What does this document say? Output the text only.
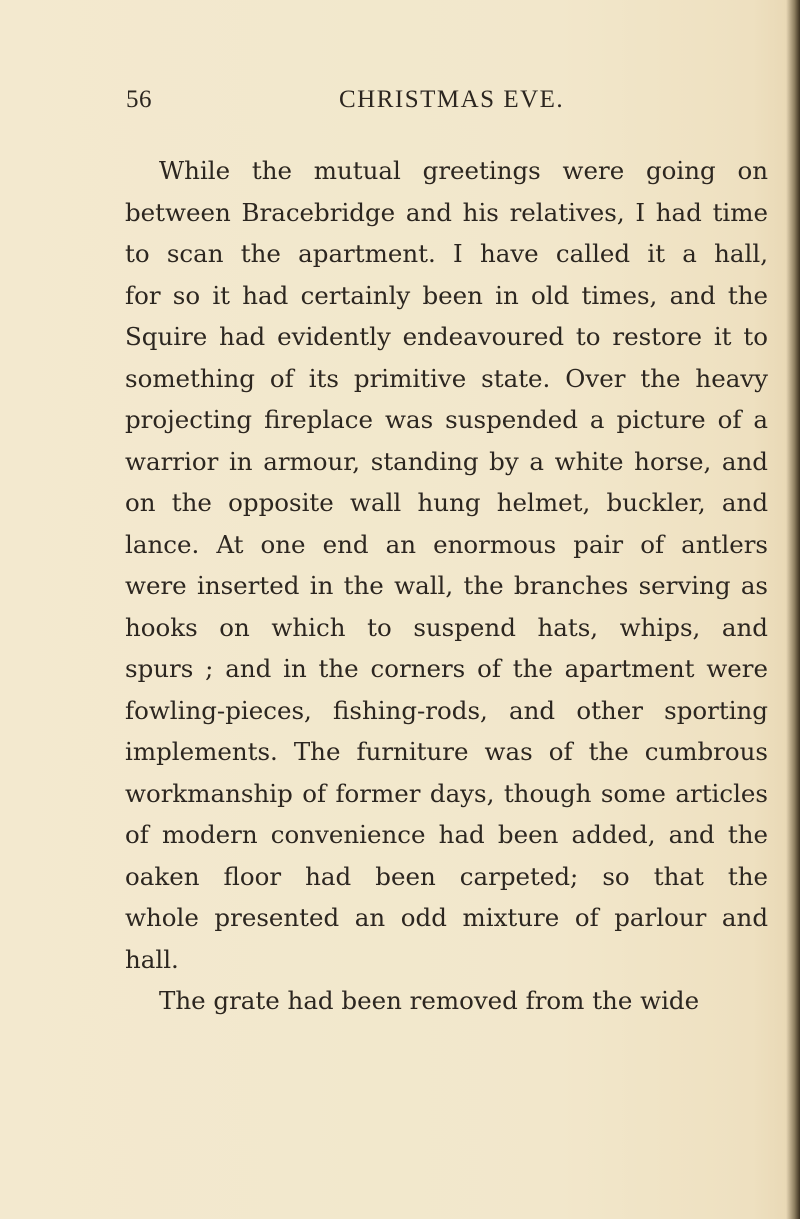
56	CHRISTMAS EVE.
While the mutual greetings were going on
between Bracebridge and his relatives, I had time
to scan the apartment. I have called it a hall,
for so it had certainly been in old times, and the
Squire had evidently endeavoured to restore it to
something of its primitive state. Over the heavy
projecting fireplace was suspended a picture of a
warrior in armour, standing by a white horse, and
on the opposite wall hung helmet, buckler, and
lance. At one end an enormous pair of antlers
were inserted in the wall, the branches serving as
hooks on which to suspend hats, whips, and
spurs ; and in the corners of the apartment were
fowling-pieces, fishing-rods, and other sporting
implements. The furniture was of the cumbrous
workmanship of former days, though some articles
of modern convenience had been added, and the
oaken floor had been carpeted; so that the
whole presented an odd mixture of parlour and
hall.
The grate had been removed from the wide
